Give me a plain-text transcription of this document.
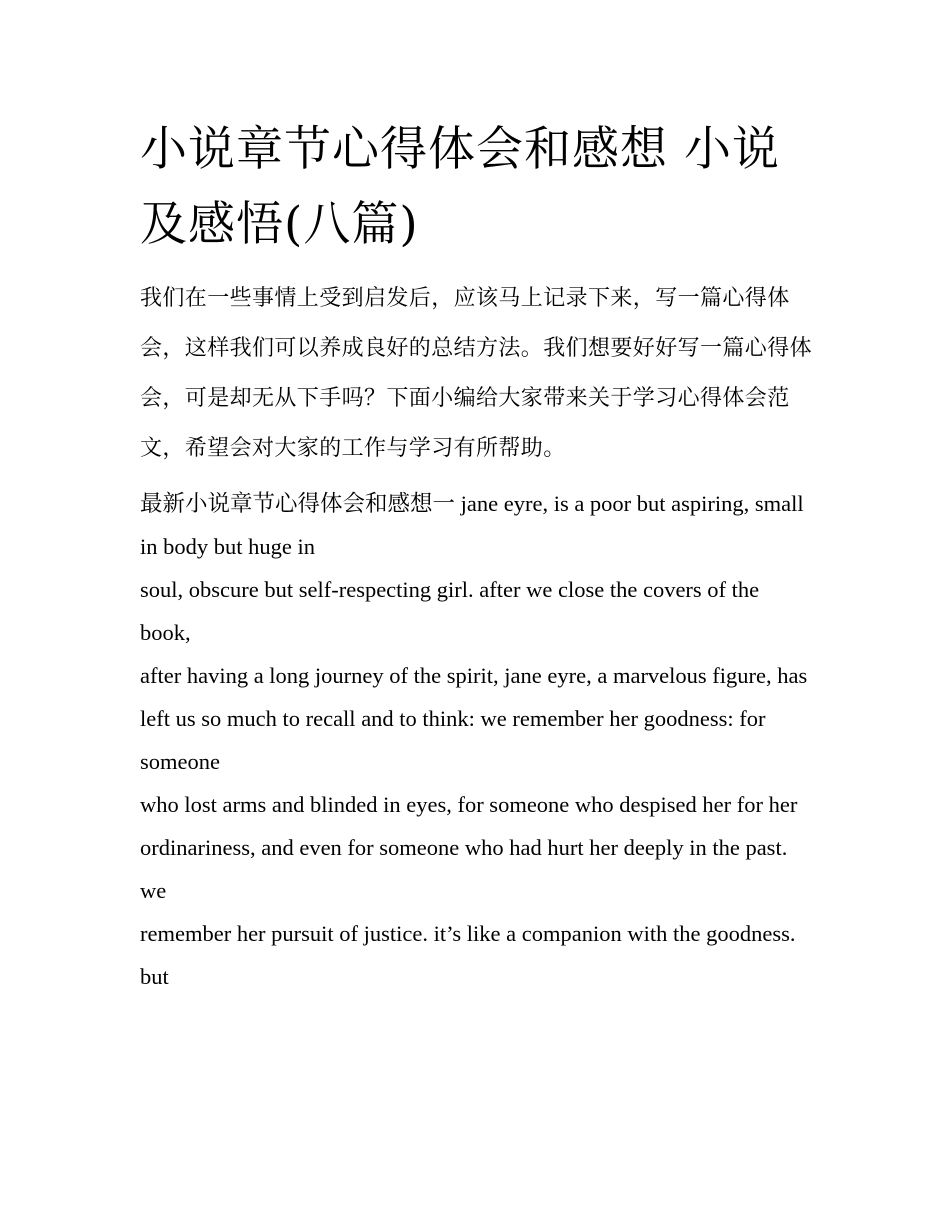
小说章节心得体会和感想 小说及感悟(八篇)

我们在一些事情上受到启发后，应该马上记录下来，写一篇心得体会，这样我们可以养成良好的总结方法。我们想要好好写一篇心得体会，可是却无从下手吗？下面小编给大家带来关于学习心得体会范文，希望会对大家的工作与学习有所帮助。

最新小说章节心得体会和感想一 jane eyre, is a poor but aspiring, small in body but huge in

soul, obscure but self-respecting girl. after we close the covers of the book,

after having a long journey of the spirit, jane eyre, a marvelous figure, has

left us so much to recall and to think: we remember her goodness: for someone

who lost arms and blinded in eyes, for someone who despised her for her

ordinariness, and even for someone who had hurt her deeply in the past. we

remember her pursuit of justice. it’s like a companion with the goodness. but
